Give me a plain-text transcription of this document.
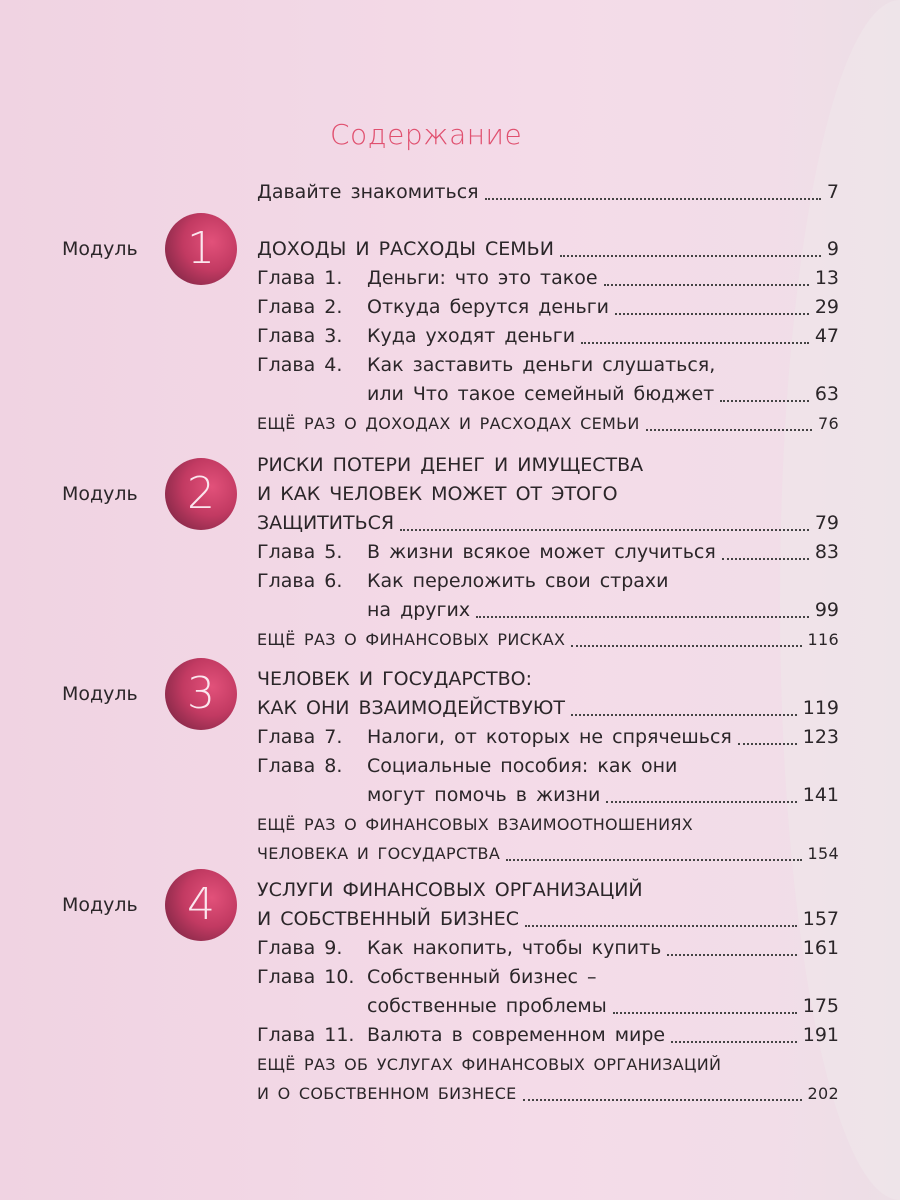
Содержание
Давайте знакомиться	7
Модуль	1	ДОХОДЫ И РАСХОДЫ СЕМЬИ	9
Глава 1.	Деньги: что это такое	13
Глава 2.	Откуда берутся деньги	29
Глава 3.	Куда уходят деньги	47
Глава 4.	Как заставить деньги слушаться,
или Что такое семейный бюджет	63
ЕЩЁ РАЗ О ДОХОДАХ И РАСХОДАХ СЕМЬИ	76
Модуль	2
РИСКИ ПОТЕРИ ДЕНЕГ И ИМУЩЕСТВА
И КАК ЧЕЛОВЕК МОЖЕТ ОТ ЭТОГО
ЗАЩИТИТЬСЯ	79
Глава 5.	В жизни всякое может случиться	83
Глава 6.	Как переложить свои страхи
на других	99
ЕЩЁ РАЗ О ФИНАНСОВЫХ РИСКАХ	116
Модуль	3	ЧЕЛОВЕК И ГОСУДАРСТВО:
КАК ОНИ ВЗАИМОДЕЙСТВУЮТ	119
Глава 7.	Налоги, от которых не спрячешься	123
Глава 8.	Социальные пособия: как они
могут помочь в жизни	141
ЕЩЁ РАЗ О ФИНАНСОВЫХ ВЗАИМООТНОШЕНИЯХ
ЧЕЛОВЕКА И ГОСУДАРСТВА	154
Модуль	4	УСЛУГИ ФИНАНСОВЫХ ОРГАНИЗАЦИЙ
И СОБСТВЕННЫЙ БИЗНЕС	157
Глава 9.	Как накопить, чтобы купить	161
Глава 10. Собственный бизнес –
собственные проблемы	175
Глава 11. Валюта в современном мире	191
ЕЩЁ РАЗ ОБ УСЛУГАХ ФИНАНСОВЫХ ОРГАНИЗАЦИЙ
И О СОБСТВЕННОМ БИЗНЕСЕ	202
